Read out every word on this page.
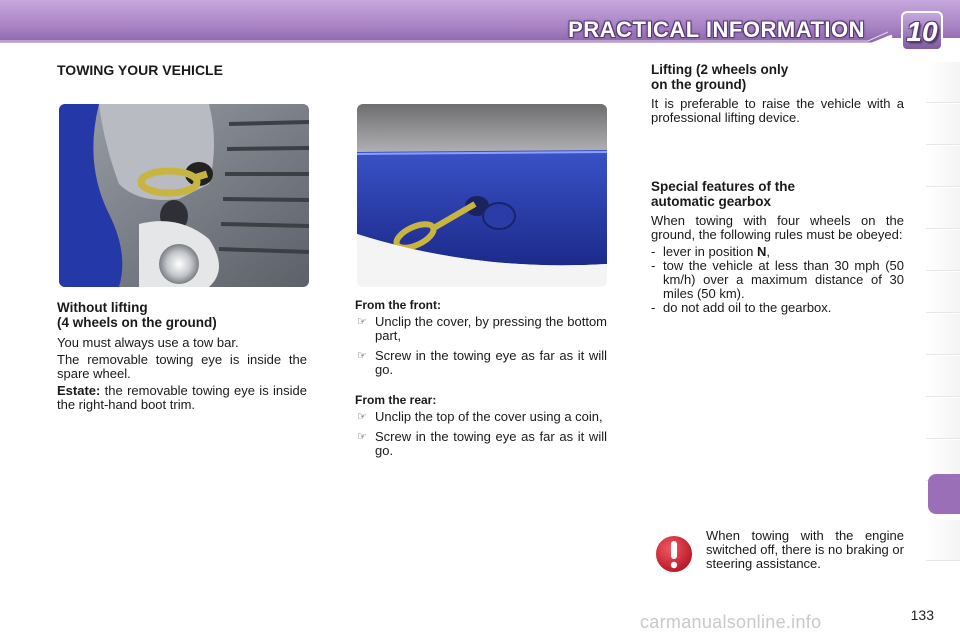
PRACTICAL INFORMATION 10
TOWING YOUR VEHICLE
Without lifting
(4 wheels on the ground)

You must always use a tow bar.

The removable towing eye is inside the spare wheel.

Estate: the removable towing eye is inside the right-hand boot trim.

From the front:
☞ Unclip the cover, by pressing the bottom part,
☞ Screw in the towing eye as far as it will go.
From the rear:
☞ Unclip the top of the cover using a coin,
☞ Screw in the towing eye as far as it will go.
Lifting (2 wheels only
on the ground)

It is preferable to raise the vehicle with a professional lifting device.

Special features of the
automatic gearbox

When towing with four wheels on the ground, the following rules must be obeyed:

- lever in position N,
- tow the vehicle at less than 30 mph (50 km/h) over a maximum distance of 30 miles (50 km).
- do not add oil to the gearbox.
When towing with the engine switched off, there is no braking or steering assistance.
carmanualsonline.info	133
